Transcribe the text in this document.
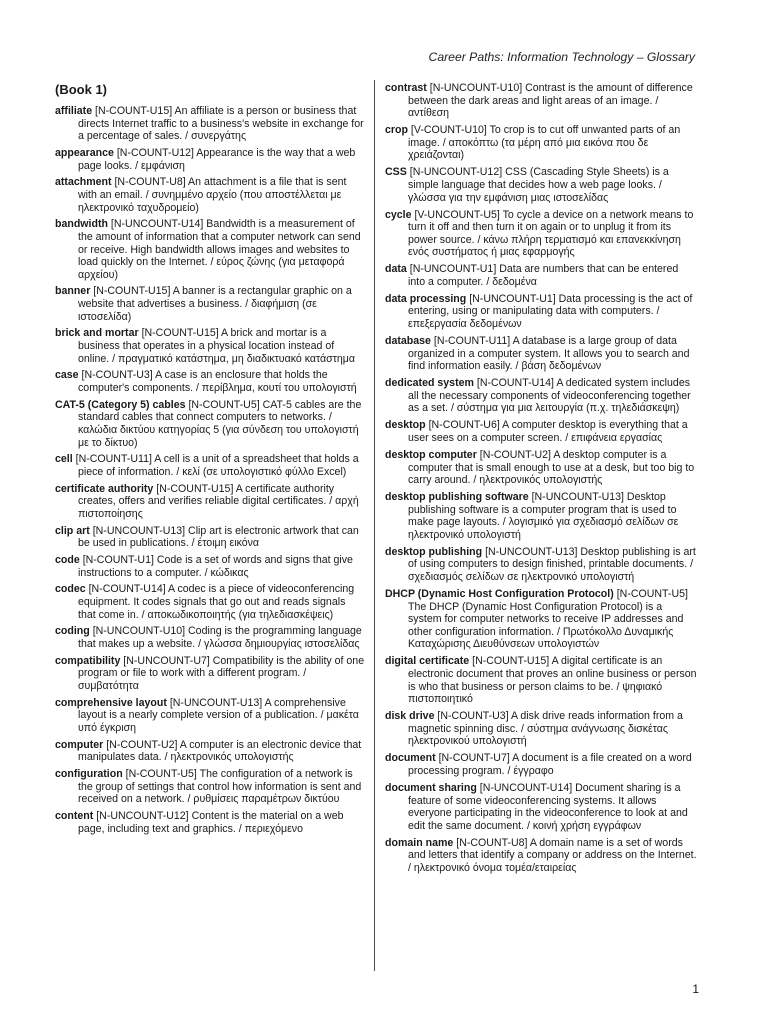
Career Paths: Information Technology – Glossary
(Book 1)

affiliate [N-COUNT-U15] An affiliate is a person or business that directs Internet traffic to a business's website in exchange for a percentage of sales. / συνεργάτης

appearance [N-COUNT-U12] Appearance is the way that a web page looks. / εμφάνιση

attachment [N-COUNT-U8] An attachment is a file that is sent with an email. / συνημμένο αρχείο (που αποστέλλεται με ηλεκτρονικό ταχυδρομείο)

bandwidth [N-UNCOUNT-U14] Bandwidth is a measurement of the amount of information that a computer network can send or receive. High bandwidth allows images and websites to load quickly on the Internet. / εύρος ζώνης (για μεταφορά αρχείου)

banner [N-COUNT-U15] A banner is a rectangular graphic on a website that advertises a business. / διαφήμιση (σε ιστοσελίδα)

brick and mortar [N-COUNT-U15] A brick and mortar is a business that operates in a physical location instead of online. / πραγματικό κατάστημα, μη διαδικτυακό κατάστημα

case [N-COUNT-U3] A case is an enclosure that holds the computer's components. / περίβλημα, κουτί του υπολογιστή

CAT-5 (Category 5) cables [N-COUNT-U5] CAT-5 cables are the standard cables that connect computers to networks. / καλώδια δικτύου κατηγορίας 5 (για σύνδεση του υπολογιστή με το δίκτυο)

cell [N-COUNT-U11] A cell is a unit of a spreadsheet that holds a piece of information. / κελί (σε υπολογιστικό φύλλο Excel)

certificate authority [N-COUNT-U15] A certificate authority creates, offers and verifies reliable digital certificates. / αρχή πιστοποίησης

clip art [N-UNCOUNT-U13] Clip art is electronic artwork that can be used in publications. / έτοιμη εικόνα

code [N-COUNT-U1] Code is a set of words and signs that give instructions to a computer. / κώδικας

codec [N-COUNT-U14] A codec is a piece of videoconferencing equipment. It codes signals that go out and reads signals that come in. / αποκωδικοποιητής (για τηλεδιασκέψεις)

coding [N-UNCOUNT-U10] Coding is the programming language that makes up a website. / γλώσσα δημιουργίας ιστοσελίδας

compatibility [N-UNCOUNT-U7] Compatibility is the ability of one program or file to work with a different program. / συμβατότητα

comprehensive layout [N-UNCOUNT-U13] A comprehensive layout is a nearly complete version of a publication. / μακέτα υπό έγκριση

computer [N-COUNT-U2] A computer is an electronic device that manipulates data. / ηλεκτρονικός υπολογιστής

configuration [N-COUNT-U5] The configuration of a network is the group of settings that control how information is sent and received on a network. / ρυθμίσεις παραμέτρων δικτύου

content [N-UNCOUNT-U12] Content is the material on a web page, including text and graphics. / περιεχόμενο

contrast [N-UNCOUNT-U10] Contrast is the amount of difference between the dark areas and light areas of an image. / αντίθεση

crop [V-COUNT-U10] To crop is to cut off unwanted parts of an image. / αποκόπτω (τα μέρη από μια εικόνα που δε χρειάζονται)

CSS [N-UNCOUNT-U12] CSS (Cascading Style Sheets) is a simple language that decides how a web page looks. / γλώσσα για την εμφάνιση μιας ιστοσελίδας

cycle [V-UNCOUNT-U5] To cycle a device on a network means to turn it off and then turn it on again or to unplug it from its power source. / κάνω πλήρη τερματισμό και επανεκκίνηση ενός συστήματος ή μιας εφαρμογής

data [N-UNCOUNT-U1] Data are numbers that can be entered into a computer. / δεδομένα

data processing [N-UNCOUNT-U1] Data processing is the act of entering, using or manipulating data with computers. / επεξεργασία δεδομένων

database [N-COUNT-U11] A database is a large group of data organized in a computer system. It allows you to search and find information easily. / βάση δεδομένων

dedicated system [N-COUNT-U14] A dedicated system includes all the necessary components of videoconferencing together as a set. / σύστημα για μια λειτουργία (π.χ. τηλεδιάσκεψη)

desktop [N-COUNT-U6] A computer desktop is everything that a user sees on a computer screen. / επιφάνεια εργασίας

desktop computer [N-COUNT-U2] A desktop computer is a computer that is small enough to use at a desk, but too big to carry around. / ηλεκτρονικός υπολογιστής

desktop publishing software [N-UNCOUNT-U13] Desktop publishing software is a computer program that is used to make page layouts. / λογισμικό για σχεδιασμό σελίδων σε ηλεκτρονικό υπολογιστή

desktop publishing [N-UNCOUNT-U13] Desktop publishing is art of using computers to design finished, printable documents. / σχεδιασμός σελίδων σε ηλεκτρονικό υπολογιστή

DHCP (Dynamic Host Configuration Protocol) [N-COUNT-U5] The DHCP (Dynamic Host Configuration Protocol) is a system for computer networks to receive IP addresses and other configuration information. / Πρωτόκολλο Δυναμικής Καταχώρισης Διευθύνσεων υπολογιστών

digital certificate [N-COUNT-U15] A digital certificate is an electronic document that proves an online business or person is who that business or person claims to be. / ψηφιακό πιστοποιητικό

disk drive [N-COUNT-U3] A disk drive reads information from a magnetic spinning disc. / σύστημα ανάγνωσης δισκέτας ηλεκτρονικού υπολογιστή

document [N-COUNT-U7] A document is a file created on a word processing program. / έγγραφο

document sharing [N-UNCOUNT-U14] Document sharing is a feature of some videoconferencing systems. It allows everyone participating in the videoconference to look at and edit the same document. / κοινή χρήση εγγράφων

domain name [N-COUNT-U8] A domain name is a set of words and letters that identify a company or address on the Internet. / ηλεκτρονικό όνομα τομέα/εταιρείας

1
